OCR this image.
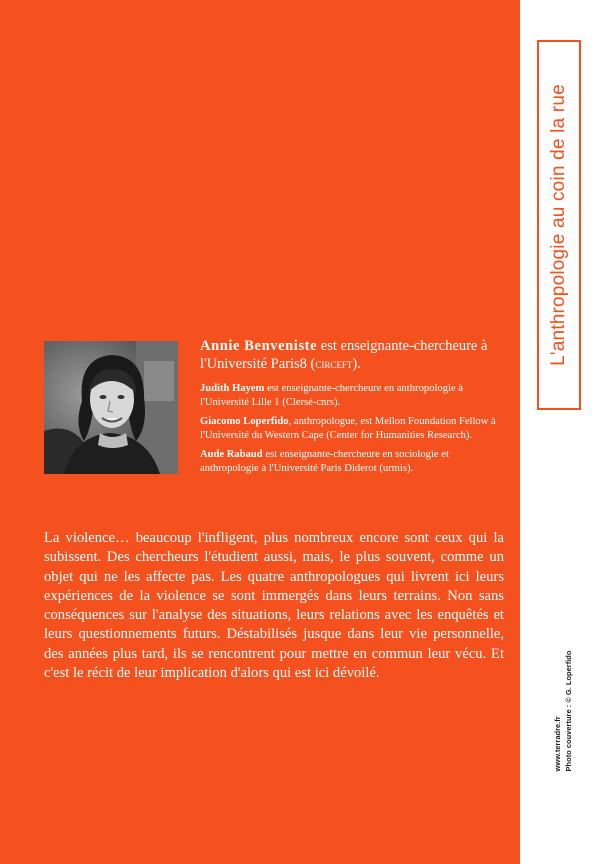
L'anthropologie au coin de la rue
www.terradre.fr Photo couverture : © G. Loperfido

Annie Benveniste est enseignante-chercheure à l'Université Paris8 (circeft).

Judith Hayem est enseignante-chercheure en anthropologie à l'Université Lille 1 (Clersé-cnrs).

Giacomo Loperfido, anthropologue, est Mellon Foundation Fellow à l'Université du Western Cape (Center for Humanities Research).

Aude Rabaud est enseignante-chercheure en sociologie et anthropologie à l'Université Paris Diderot (urmis).

La violence… beaucoup l'infligent, plus nombreux encore sont ceux qui la subissent. Des chercheurs l'étudient aussi, mais, le plus souvent, comme un objet qui ne les affecte pas. Les quatre anthropologues qui livrent ici leurs expériences de la violence se sont immergés dans leurs terrains. Non sans conséquences sur l'analyse des situations, leurs relations avec les enquêtés et leurs questionnements futurs. Déstabilisés jusque dans leur vie personnelle, des années plus tard, ils se rencontrent pour mettre en commun leur vécu. Et c'est le récit de leur implication d'alors qui est ici dévoilé.
